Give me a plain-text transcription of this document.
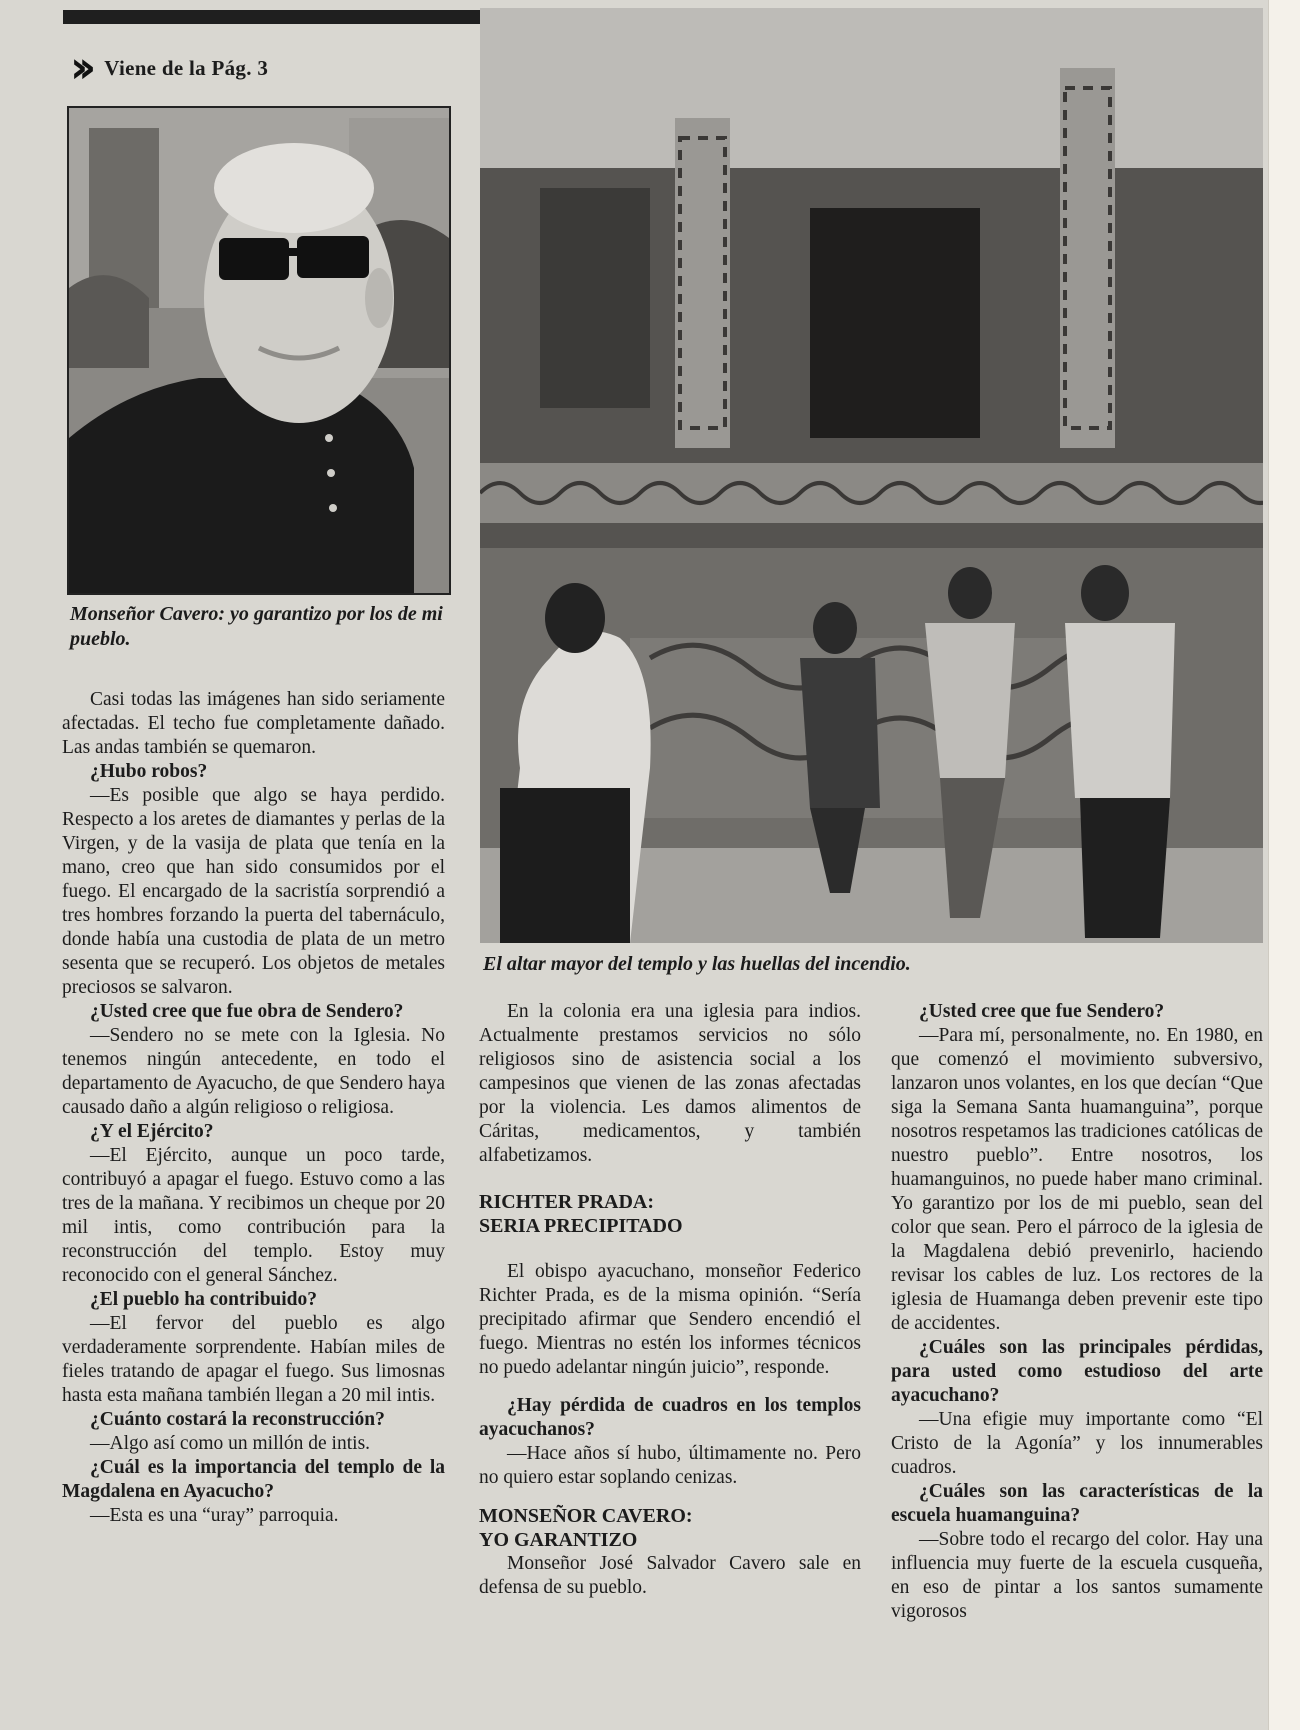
›› Viene de la Pág. 3
Monseñor Cavero: yo garantizo por los de mi pueblo.
El altar mayor del templo y las huellas del incendio.

Casi todas las imágenes han sido seriamente afectadas. El techo fue completamente dañado. Las andas también se quemaron.

¿Hubo robos?

—Es posible que algo se haya perdido. Respecto a los aretes de diamantes y perlas de la Virgen, y de la vasija de plata que tenía en la mano, creo que han sido consumidos por el fuego. El encargado de la sacristía sorprendió a tres hombres forzando la puerta del tabernáculo, donde había una custodia de plata de un metro sesenta que se recuperó. Los objetos de metales preciosos se salvaron.

¿Usted cree que fue obra de Sendero?

—Sendero no se mete con la Iglesia. No tenemos ningún antecedente, en todo el departamento de Ayacucho, de que Sendero haya causado daño a algún religioso o religiosa.

¿Y el Ejército?

—El Ejército, aunque un poco tarde, contribuyó a apagar el fuego. Estuvo como a las tres de la mañana. Y recibimos un cheque por 20 mil intis, como contribución para la reconstrucción del templo. Estoy muy reconocido con el general Sánchez.

¿El pueblo ha contribuido?

—El fervor del pueblo es algo verdaderamente sorprendente. Habían miles de fieles tratando de apagar el fuego. Sus limosnas hasta esta mañana también llegan a 20 mil intis.

¿Cuánto costará la reconstrucción?

—Algo así como un millón de intis.

¿Cuál es la importancia del templo de la Magdalena en Ayacucho?

—Esta es una “uray” parroquia.

En la colonia era una iglesia para indios. Actualmente prestamos servicios no sólo religiosos sino de asistencia social a los campesinos que vienen de las zonas afectadas por la violencia. Les damos alimentos de Cáritas, medicamentos, y también alfabetizamos.

RICHTER PRADA:

SERIA PRECIPITADO

El obispo ayacuchano, monseñor Federico Richter Prada, es de la misma opinión. “Sería precipitado afirmar que Sendero encendió el fuego. Mientras no estén los informes técnicos no puedo adelantar ningún juicio”, responde.

¿Hay pérdida de cuadros en los templos ayacuchanos?

—Hace años sí hubo, últimamente no. Pero no quiero estar soplando cenizas.

MONSEÑOR CAVERO:

YO GARANTIZO

Monseñor José Salvador Cavero sale en defensa de su pueblo.

¿Usted cree que fue Sendero?

—Para mí, personalmente, no. En 1980, en que comenzó el movimiento subversivo, lanzaron unos volantes, en los que decían “Que siga la Semana Santa huamanguina”, porque nosotros respetamos las tradiciones católicas de nuestro pueblo”. Entre nosotros, los huamanguinos, no puede haber mano criminal. Yo garantizo por los de mi pueblo, sean del color que sean. Pero el párroco de la iglesia de la Magdalena debió prevenirlo, haciendo revisar los cables de luz. Los rectores de la iglesia de Huamanga deben prevenir este tipo de accidentes.

¿Cuáles son las principales pérdidas, para usted como estudioso del arte ayacuchano?

—Una efigie muy importante como “El Cristo de la Agonía” y los innumerables cuadros.

¿Cuáles son las características de la escuela huamanguina?

—Sobre todo el recargo del color. Hay una influencia muy fuerte de la escuela cusqueña, en eso de pintar a los santos sumamente vigorosos
